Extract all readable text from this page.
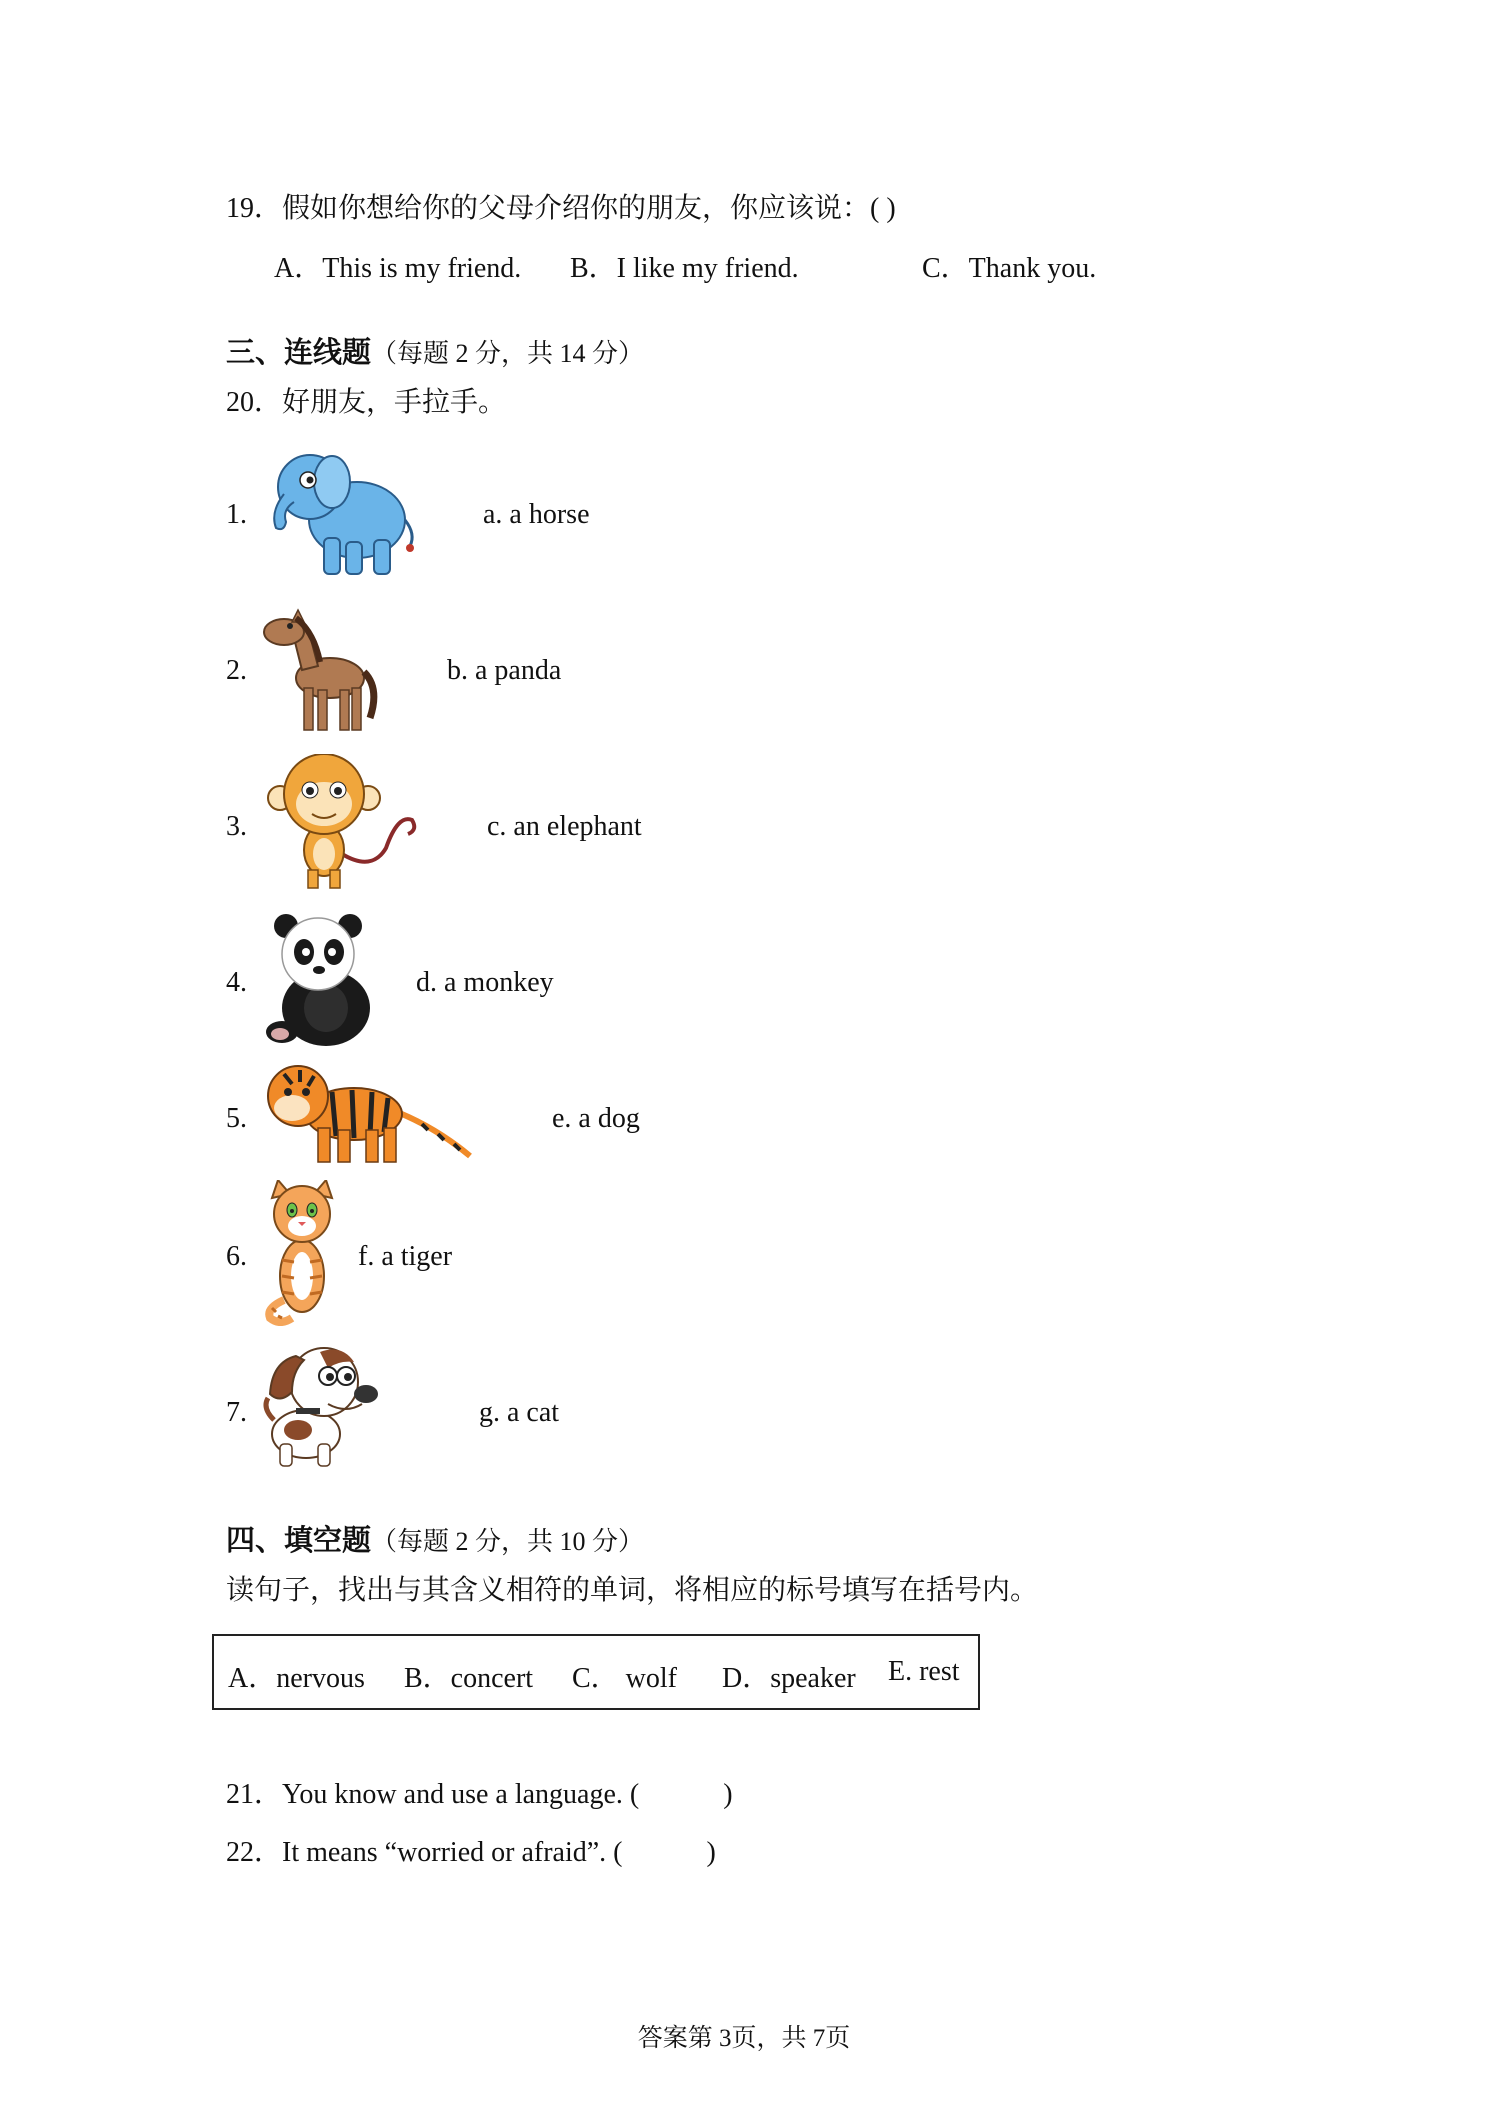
19．假如你想给你的父母介绍你的朋友，你应该说：( )
A．This is my friend. B．I like my friend.	C．Thank you.
三、连线题（每题 2 分，共 14 分）
20．好朋友，手拉手。
1.	a. a horse
2.	b. a panda
3.	c. an elephant
4.	d. a monkey
5.	e. a dog
6.	f. a tiger
7.	g. a cat
四、填空题（每题 2 分，共 10 分）
读句子，找出与其含义相符的单词，将相应的标号填写在括号内。
A．nervous B．concert C． wolf D．speaker E. rest
21．You know and use a language. (            )
22．It means “worried or afraid”. (            )
答案第 3页，共 7页
